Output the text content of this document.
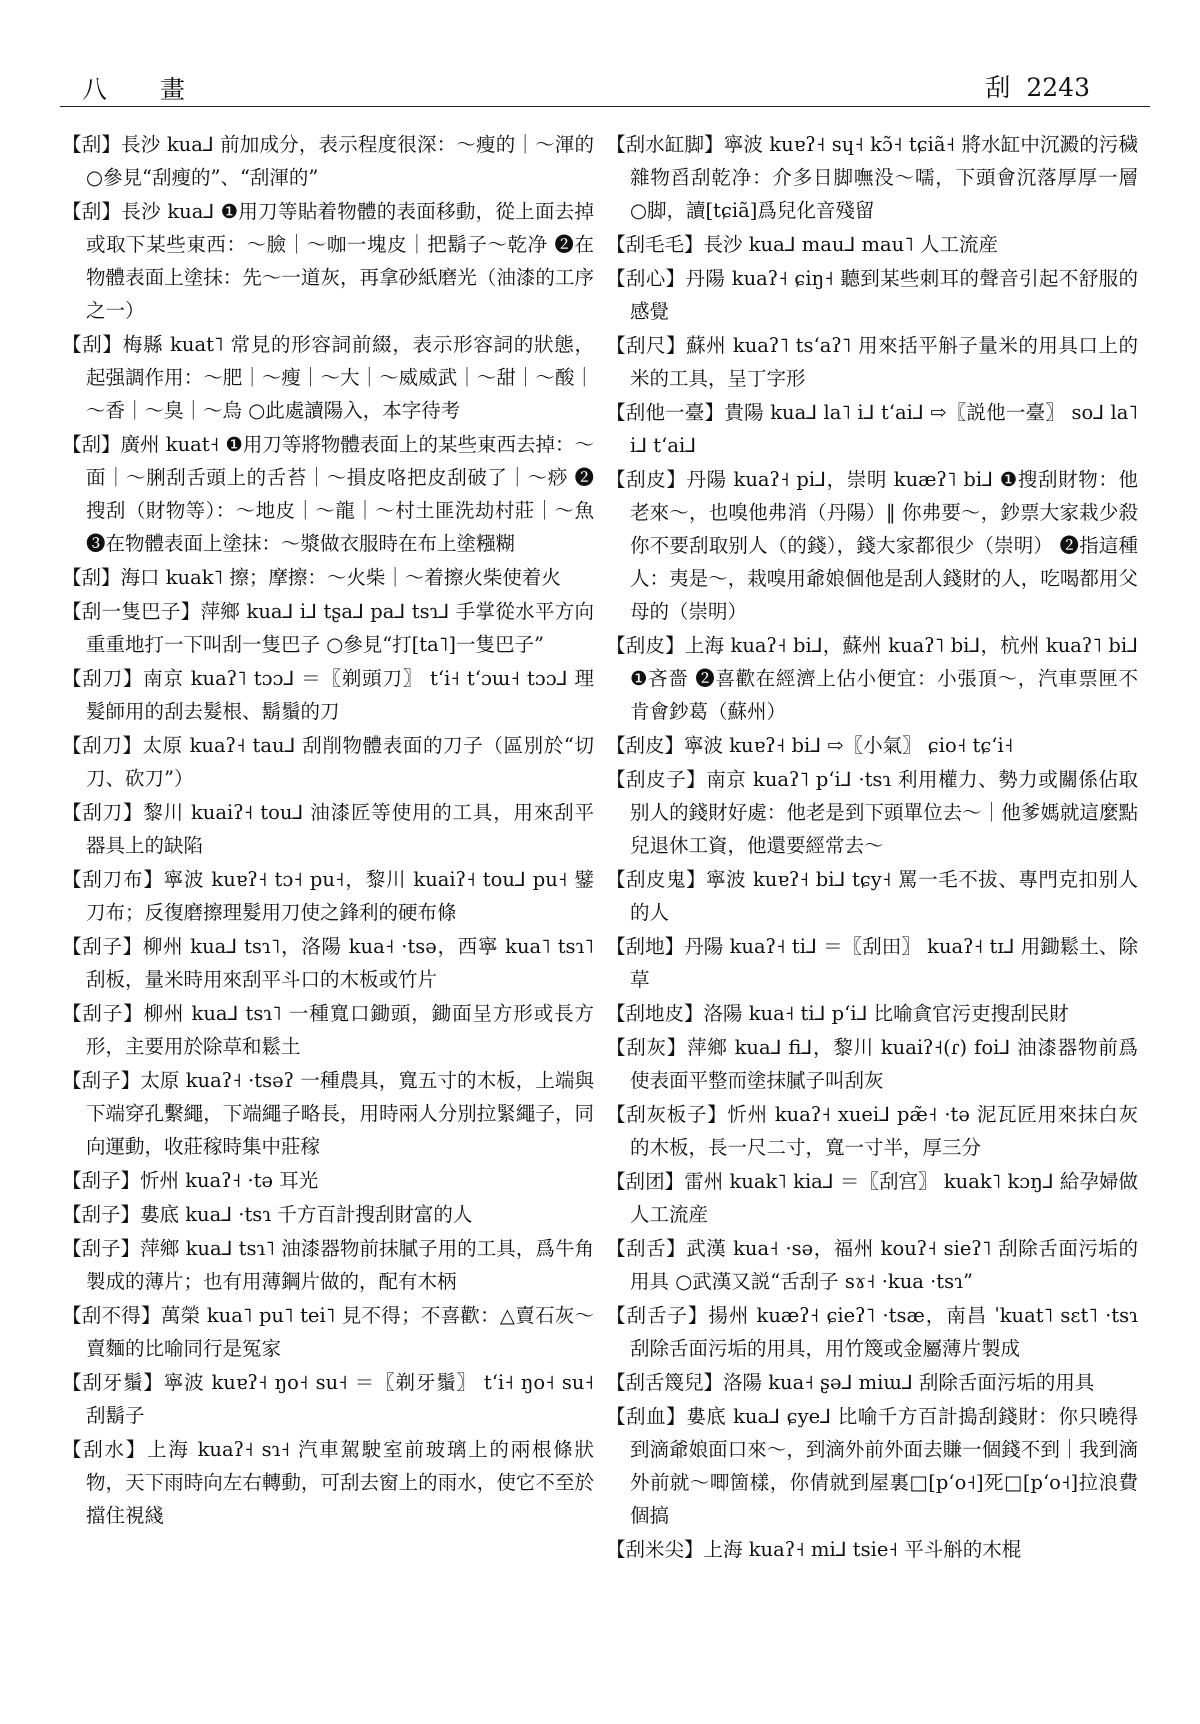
八　畫	刮 2243

【刮】長沙 kua⅃ 前加成分，表示程度很深：～瘦的｜～渾的 ○參見“刮瘦的”、“刮渾的”

【刮】長沙 kua⅃ ❶用刀等貼着物體的表面移動，從上面去掉或取下某些東西：～臉｜～咖一塊皮｜把鬍子～乾净 ❷在物體表面上塗抹：先～一道灰，再拿砂紙磨光（油漆的工序之一）

【刮】梅縣 kuat˥ 常見的形容詞前綴，表示形容詞的狀態，起强調作用：～肥｜～瘦｜～大｜～威威武｜～甜｜～酸｜～香｜～臭｜～烏 ○此處讀陽入，本字待考

【刮】廣州 kuat˧ ❶用刀等將物體表面上的某些東西去掉：～面｜～脷刮舌頭上的舌苔｜～損皮咯把皮刮破了｜～痧 ❷搜刮（財物等）：～地皮｜～龍｜～村土匪洗劫村莊｜～魚 ❸在物體表面上塗抹：～漿做衣服時在布上塗糨糊

【刮】海口 kuak˥ 擦；摩擦：～火柴｜～着擦火柴使着火

【刮一隻巴子】萍鄉 kua⅃ i⅃ tʂa⅃ pa⅃ tsɿ⅃ 手掌從水平方向重重地打一下叫刮一隻巴子 ○參見“打[ta˥]一隻巴子”

【刮刀】南京 kuaʔ˥ tɔɔ⅃ ＝〖剃頭刀〗 tʻi˧ tʻɔɯ˧ tɔɔ⅃ 理髮師用的刮去髮根、鬍鬚的刀

【刮刀】太原 kuaʔ˧ tau⅃ 刮削物體表面的刀子（區別於“切刀、砍刀”）

【刮刀】黎川 kuaiʔ˧ tou⅃ 油漆匠等使用的工具，用來刮平器具上的缺陷

【刮刀布】寧波 kuɐʔ˧ tɔ˧ pu˧，黎川 kuaiʔ˧ tou⅃ pu˧ 鐾刀布；反復磨擦理髮用刀使之鋒利的硬布條

【刮子】柳州 kua⅃ tsɿ˥，洛陽 kua˧ ·tsə，西寧 kua˥ tsɿ˥ 刮板，量米時用來刮平斗口的木板或竹片

【刮子】柳州 kua⅃ tsɿ˥ 一種寬口鋤頭，鋤面呈方形或長方形，主要用於除草和鬆土

【刮子】太原 kuaʔ˧ ·tsəʔ 一種農具，寬五寸的木板，上端與下端穿孔繫繩，下端繩子略長，用時兩人分別拉緊繩子，同向運動，收莊稼時集中莊稼

【刮子】忻州 kuaʔ˧ ·tə 耳光

【刮子】婁底 kua⅃ ·tsɿ 千方百計搜刮財富的人

【刮子】萍鄉 kua⅃ tsɿ˥ 油漆器物前抹膩子用的工具，爲牛角製成的薄片；也有用薄鋼片做的，配有木柄

【刮不得】萬榮 kua˥ pu˥ tei˥ 見不得；不喜歡：△賣石灰～賣麵的比喻同行是冤家

【刮牙鬚】寧波 kuɐʔ˧ ŋo˧ su˧ ＝〖剃牙鬚〗 tʻi˧ ŋo˧ su˧ 刮鬍子

【刮水】上海 kuaʔ˧ sɿ˧ 汽車駕駛室前玻璃上的兩根條狀物，天下雨時向左右轉動，可刮去窗上的雨水，使它不至於擋住視綫

【刮水缸脚】寧波 kuɐʔ˧ sɥ˧ kɔ̃˧ tɕiã˧ 將水缸中沉澱的污穢雜物舀刮乾净：介多日脚嘸没～嚅，下頭會沉落厚厚一層 ○脚，讀[tɕiã]爲兒化音殘留

【刮毛毛】長沙 kua⅃ mau⅃ mau˥ 人工流産

【刮心】丹陽 kuaʔ˧ ɕiŋ˧ 聽到某些刺耳的聲音引起不舒服的感覺

【刮尺】蘇州 kuaʔ˥ tsʻaʔ˥ 用來括平斛子量米的用具口上的米的工具，呈丁字形

【刮他一臺】貴陽 kua⅃ la˥ i⅃ tʻai⅃ ⇨〖説他一臺〗 so⅃ la˥ i⅃ tʻai⅃

【刮皮】丹陽 kuaʔ˧ pi⅃，崇明 kuæʔ˥ bi⅃ ❶搜刮財物：他老來～，也嗅他弗消（丹陽）‖ 你弗要～，鈔票大家栽少殺你不要刮取别人（的錢），錢大家都很少（崇明） ❷指這種人：夷是～，栽嗅用爺娘個他是刮人錢財的人，吃喝都用父母的（崇明）

【刮皮】上海 kuaʔ˧ bi⅃，蘇州 kuaʔ˥ bi⅃，杭州 kuaʔ˥ bi⅃ ❶吝嗇 ❷喜歡在經濟上佔小便宜：小張頂～，汽車票匣不肯會鈔葛（蘇州）

【刮皮】寧波 kuɐʔ˧ bi⅃ ⇨〖小氣〗 ɕio˧ tɕʻi˧

【刮皮子】南京 kuaʔ˥ pʻi⅃ ·tsɿ 利用權力、勢力或關係佔取别人的錢財好處：他老是到下頭單位去～｜他爹媽就這麼點兒退休工資，他還要經常去～

【刮皮鬼】寧波 kuɐʔ˧ bi⅃ tɕy˧ 罵一毛不拔、專門克扣别人的人

【刮地】丹陽 kuaʔ˧ ti⅃ ＝〖刮田〗 kuaʔ˧ tɪ⅃ 用鋤鬆土、除草

【刮地皮】洛陽 kua˧ ti⅃ pʻi⅃ 比喻貪官污吏搜刮民財

【刮灰】萍鄉 kua⅃ fi⅃，黎川 kuaiʔ˧(ɾ) foi⅃ 油漆器物前爲使表面平整而塗抹膩子叫刮灰

【刮灰板子】忻州 kuaʔ˧ xuei⅃ pæ̃˧ ·tə 泥瓦匠用來抹白灰的木板，長一尺二寸，寬一寸半，厚三分

【刮团】雷州 kuak˥ kia⅃ ＝〖刮宫〗 kuak˥ kɔŋ⅃ 給孕婦做人工流産

【刮舌】武漢 kua˧ ·sə，福州 kouʔ˧ sieʔ˥ 刮除舌面污垢的用具 ○武漢又説“舌刮子 sɤ˧ ·kua ·tsɿ”

【刮舌子】揚州 kuæʔ˧ ɕieʔ˥ ·tsæ，南昌 ˈkuat˥ sɛt˥ ·tsɿ 刮除舌面污垢的用具，用竹篾或金屬薄片製成

【刮舌篾兒】洛陽 kua˧ ʂə⅃ miɯ⅃ 刮除舌面污垢的用具

【刮血】婁底 kua⅃ ɕye⅃ 比喻千方百計搗刮錢財：你只曉得到滴爺娘面口來～，到滴外前外面去賺一個錢不到｜我到滴外前就～唧箇樣，你倩就到屋裏□[pʻo˧]死□[pʻo˧]拉浪費個搞

【刮米尖】上海 kuaʔ˧ mi⅃ tsie˧ 平斗斛的木棍
